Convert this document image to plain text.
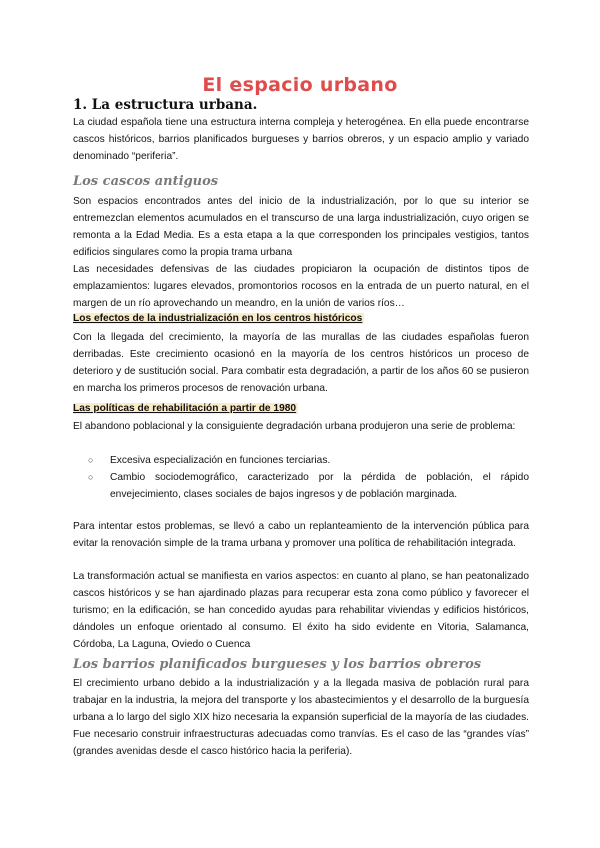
El espacio urbano
1. La estructura urbana.
La ciudad española tiene una estructura interna compleja y heterogénea. En ella puede encontrarse cascos históricos, barrios planificados burgueses y barrios obreros, y un espacio amplio y variado denominado “periferia”.
Los cascos antiguos
Son espacios encontrados antes del inicio de la industrialización, por lo que su interior se entremezclan elementos acumulados en el transcurso de una larga industrialización, cuyo origen se remonta a la Edad Media. Es a esta etapa a la que corresponden los principales vestigios, tantos edificios singulares como la propia trama urbana
Las necesidades defensivas de las ciudades propiciaron la ocupación de distintos tipos de emplazamientos: lugares elevados, promontorios rocosos en la entrada de un puerto natural, en el margen de un río aprovechando un meandro, en la unión de varios ríos…
Los efectos de la industrialización en los centros históricos
Con la llegada del crecimiento, la mayoría de las murallas de las ciudades españolas fueron derribadas. Este crecimiento ocasionó en la mayoría de los centros históricos un proceso de deterioro y de sustitución social. Para combatir esta degradación, a partir de los años 60 se pusieron en marcha los primeros procesos de renovación urbana.
Las políticas de rehabilitación a partir de 1980
El abandono poblacional y la consiguiente degradación urbana produjeron una serie de problema:
○ Excesiva especialización en funciones terciarias.
○ Cambio sociodemográfico, caracterizado por la pérdida de población, el rápido envejecimiento, clases sociales de bajos ingresos y de población marginada.
Para intentar estos problemas, se llevó a cabo un replanteamiento de la intervención pública para evitar la renovación simple de la trama urbana y promover una política de rehabilitación integrada.
La transformación actual se manifiesta en varios aspectos: en cuanto al plano, se han peatonalizado cascos históricos y se han ajardinado plazas para recuperar esta zona como público y favorecer el turismo; en la edificación, se han concedido ayudas para rehabilitar viviendas y edificios históricos, dándoles un enfoque orientado al consumo. El éxito ha sido evidente en Vitoria, Salamanca, Córdoba, La Laguna, Oviedo o Cuenca
Los barrios planificados burgueses y los barrios obreros
El crecimiento urbano debido a la industrialización y a la llegada masiva de población rural para trabajar en la industria, la mejora del transporte y los abastecimientos y el desarrollo de la burguesía urbana a lo largo del siglo XIX hizo necesaria la expansión superficial de la mayoría de las ciudades. Fue necesario construir infraestructuras adecuadas como tranvías. Es el caso de las “grandes vías” (grandes avenidas desde el casco histórico hacia la periferia).
